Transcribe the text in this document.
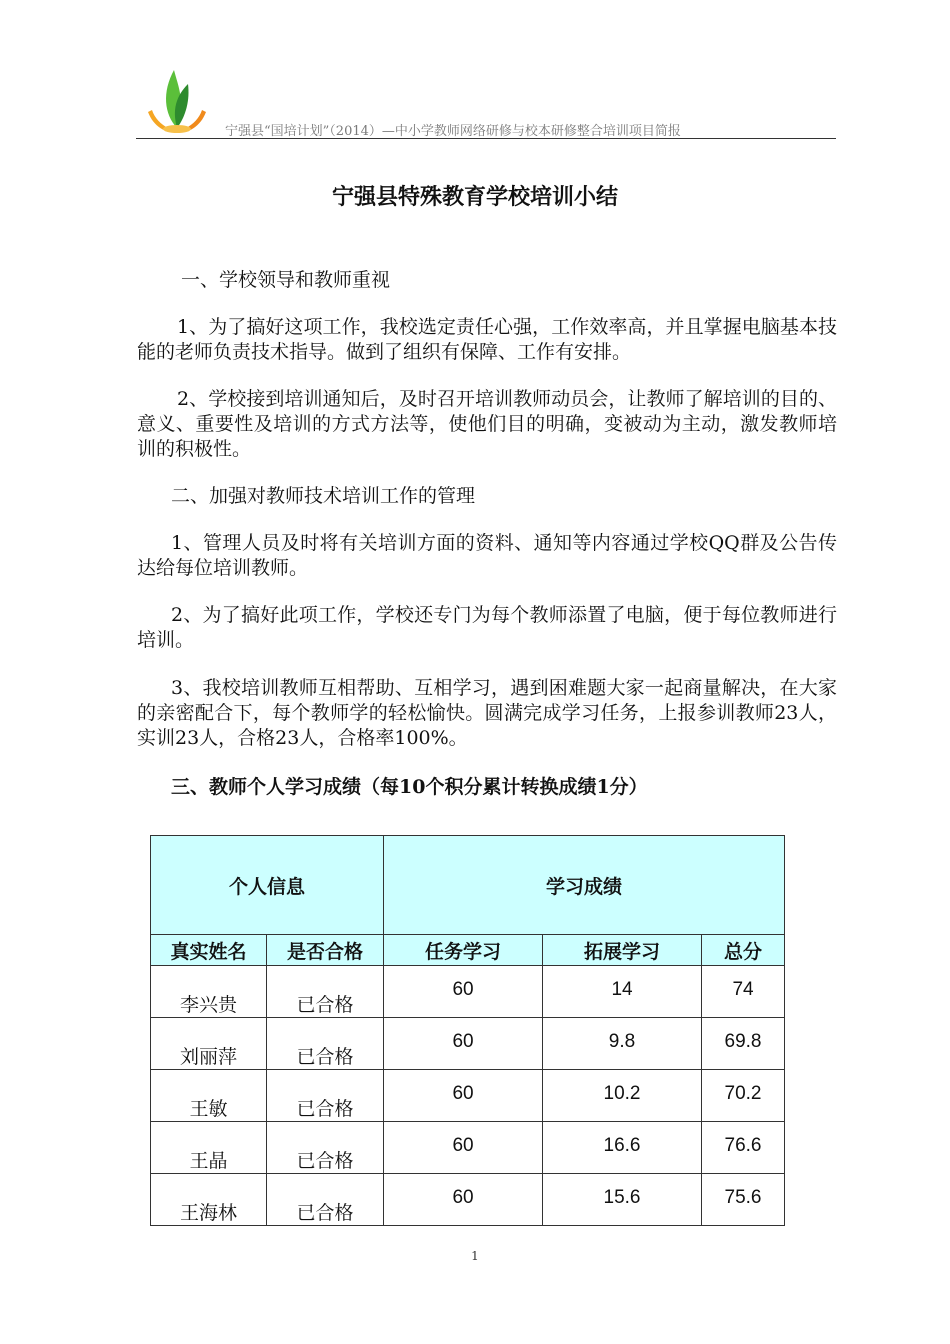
宁强县“国培计划”（2014）—中小学教师网络研修与校本研修整合培训项目简报
宁强县特殊教育学校培训小结
一、学校领导和教师重视
1、为了搞好这项工作，我校选定责任心强，工作效率高，并且掌握电脑基本技能的老师负责技术指导。做到了组织有保障、工作有安排。
2、学校接到培训通知后，及时召开培训教师动员会，让教师了解培训的目的、意义、重要性及培训的方式方法等，使他们目的明确，变被动为主动，激发教师培训的积极性。
二、加强对教师技术培训工作的管理
1、管理人员及时将有关培训方面的资料、通知等内容通过学校QQ群及公告传达给每位培训教师。
2、为了搞好此项工作，学校还专门为每个教师添置了电脑，便于每位教师进行培训。
3、我校培训教师互相帮助、互相学习，遇到困难题大家一起商量解决，在大家的亲密配合下，每个教师学的轻松愉快。圆满完成学习任务，上报参训教师23人，实训23人，合格23人，合格率100%。
三、教师个人学习成绩（每10个积分累计转换成绩1分）
个人信息		学习成绩		
真实姓名	是否合格	任务学习	拓展学习	总分

李兴贵	已合格	60	14	74

刘丽萍	已合格	60	9.8	69.8

王敏	已合格	60	10.2	70.2

王晶	已合格	60	16.6	76.6

王海林	已合格	60	15.6	75.6
1
